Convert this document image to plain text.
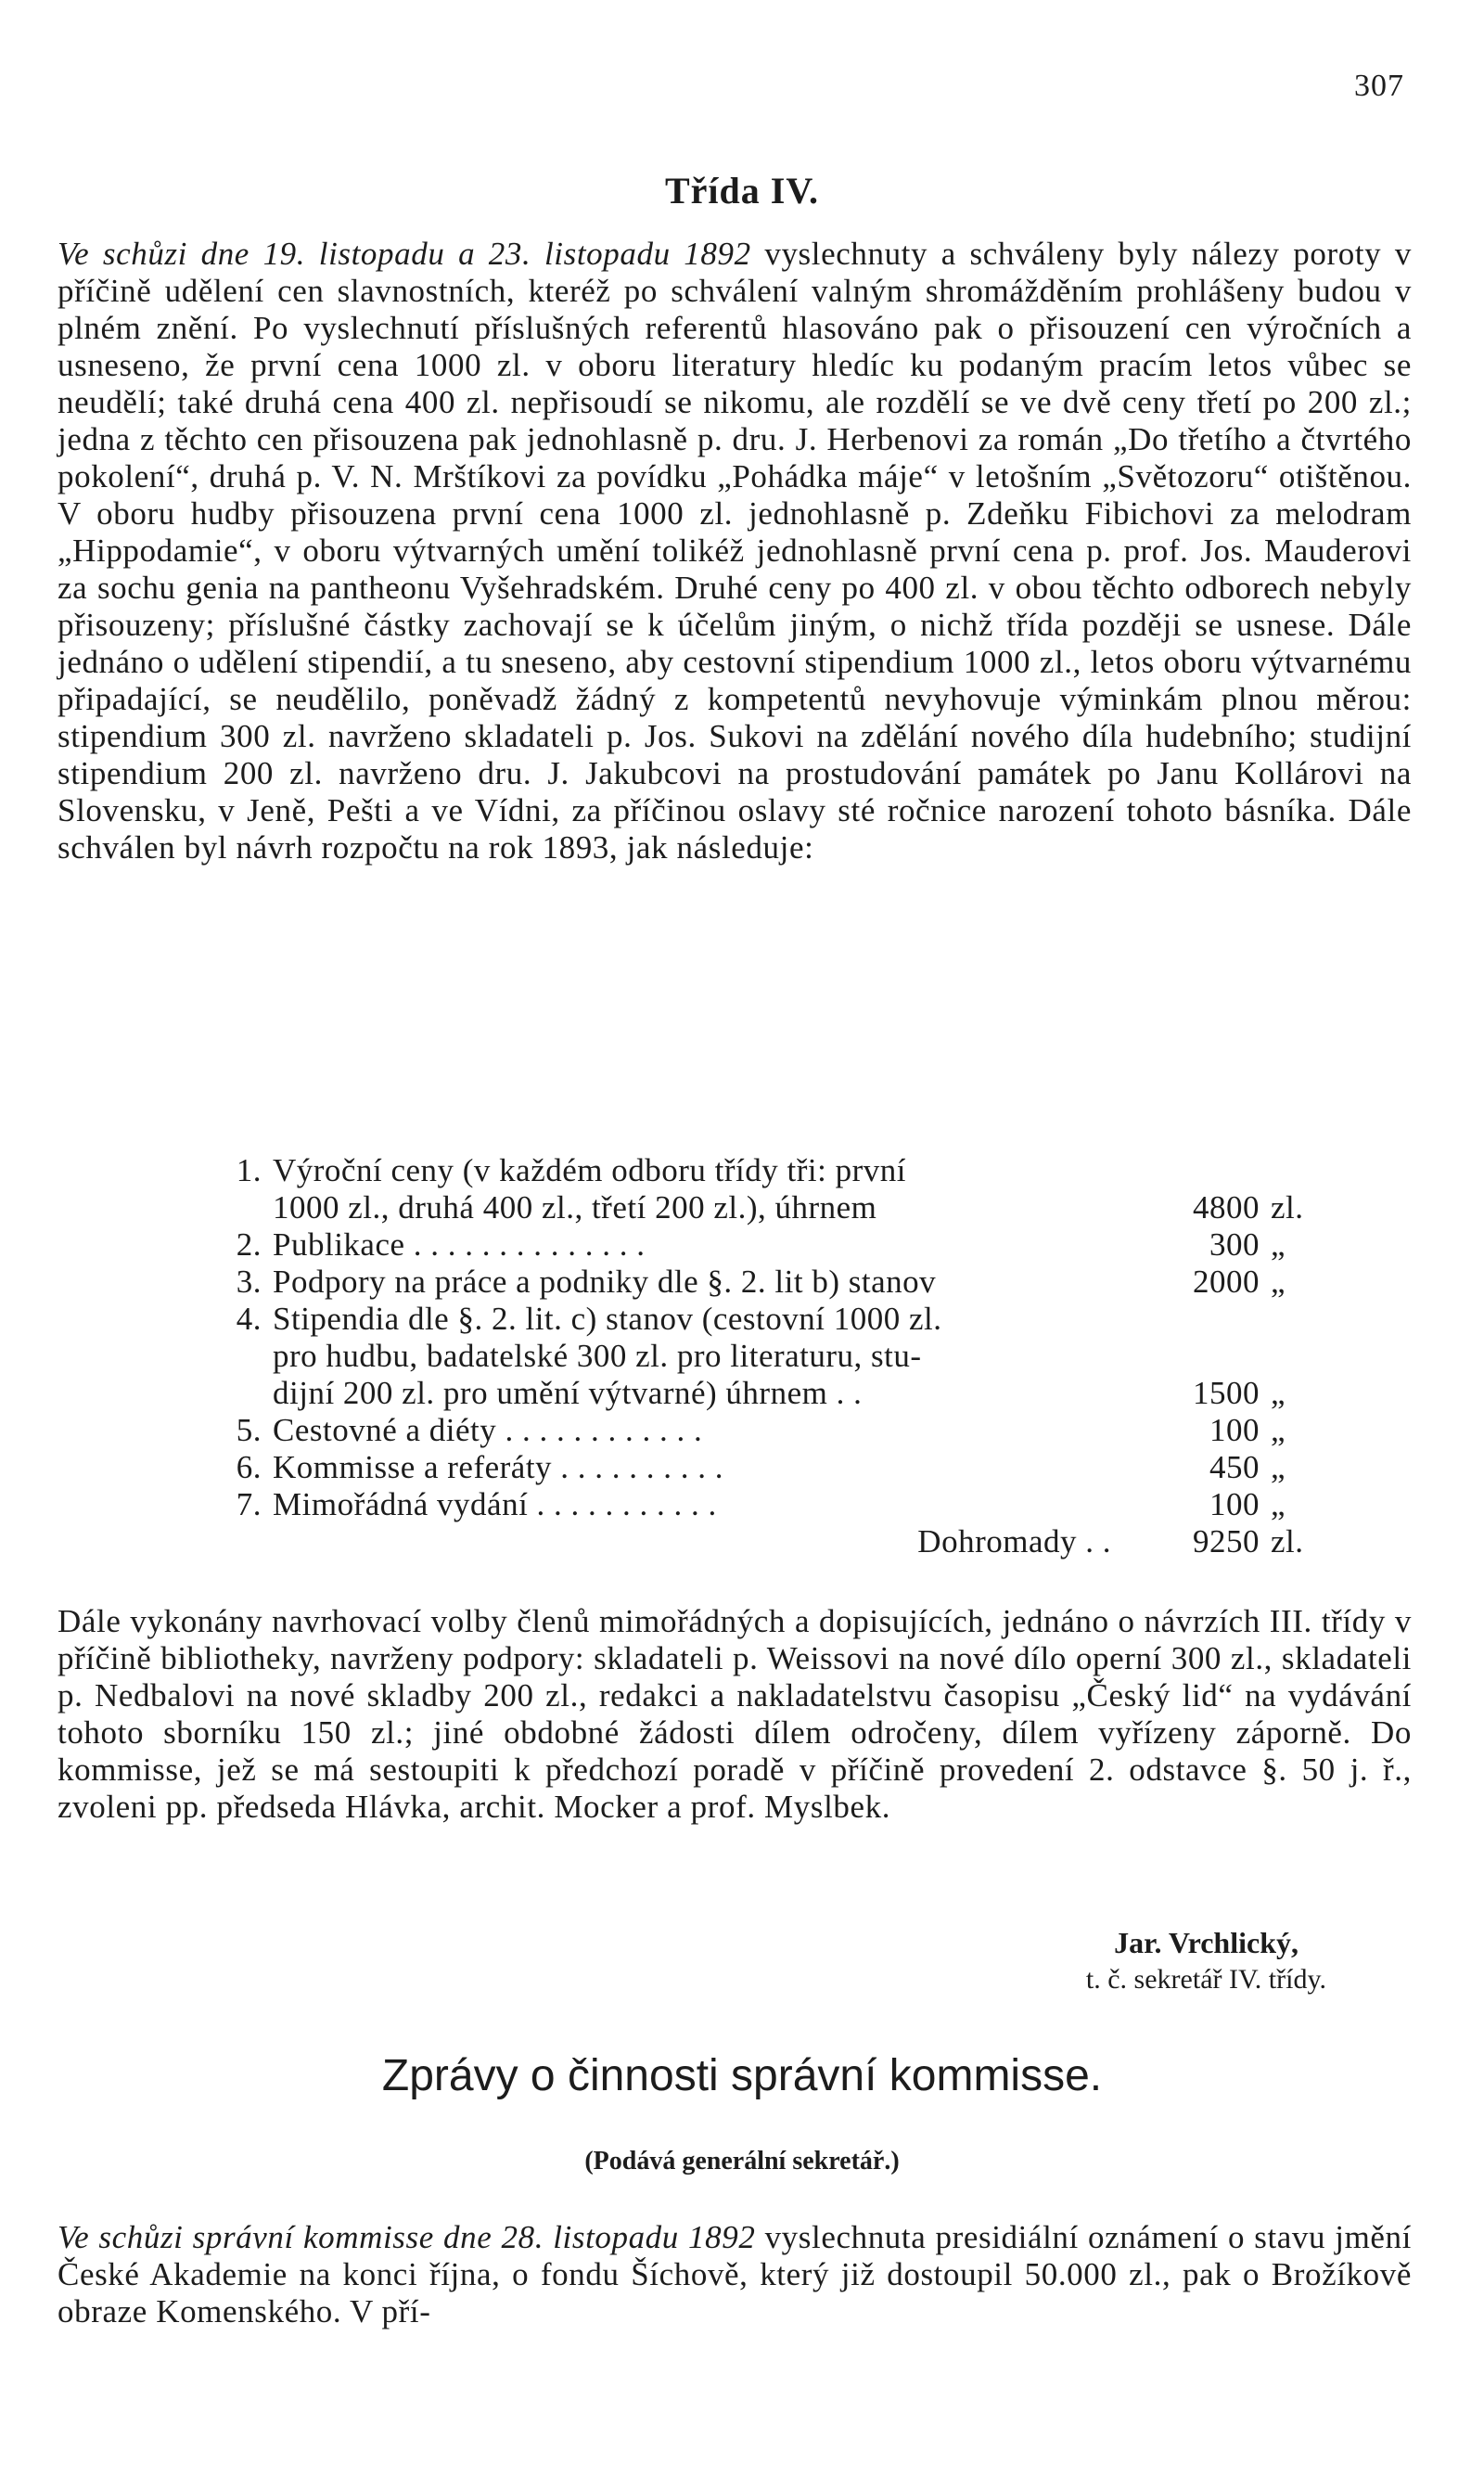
307
Třída IV.
Ve schůzi dne 19. listopadu a 23. listopadu 1892 vyslechnuty a schváleny byly nálezy poroty v příčině udělení cen slavnostních, kteréž po schválení valným shromážděním prohlášeny budou v plném znění. Po vyslechnutí příslušných referentů hlasováno pak o přisouzení cen výročních a usneseno, že první cena 1000 zl. v oboru literatury hledíc ku podaným pracím letos vůbec se neudělí; také druhá cena 400 zl. nepřisoudí se nikomu, ale rozdělí se ve dvě ceny třetí po 200 zl.; jedna z těchto cen přisouzena pak jednohlasně p. dru. J. Herbenovi za román „Do třetího a čtvrtého pokolení“, druhá p. V. N. Mrštíkovi za povídku „Pohádka máje“ v letošním „Světozoru“ otištěnou. V oboru hudby přisouzena první cena 1000 zl. jednohlasně p. Zdeňku Fibichovi za melodram „Hippodamie“, v oboru výtvarných umění tolikéž jednohlasně první cena p. prof. Jos. Mauderovi za sochu genia na pantheonu Vyšehradském. Druhé ceny po 400 zl. v obou těchto odborech nebyly přisouzeny; příslušné částky zachovají se k účelům jiným, o nichž třída později se usnese. Dále jednáno o udělení stipendií, a tu sneseno, aby cestovní stipendium 1000 zl., letos oboru výtvarnému připadající, se neudělilo, poněvadž žádný z kompetentů nevyhovuje výminkám plnou měrou: stipendium 300 zl. navrženo skladateli p. Jos. Sukovi na zdělání nového díla hudebního; studijní stipendium 200 zl. navrženo dru. J. Jakubcovi na prostudování památek po Janu Kollárovi na Slovensku, v Jeně, Pešti a ve Vídni, za příčinou oslavy sté ročnice narození tohoto básníka. Dále schválen byl návrh rozpočtu na rok 1893, jak následuje:
1. Výroční ceny (v každém odboru třídy tři: první
1000 zl., druhá 400 zl., třetí 200 zl.), úhrnem	4800 zl.
2. Publikace . . . . . . . . . . . . . .	300 „
3. Podpory na práce a podniky dle §. 2. lit b) stanov	2000 „
4. Stipendia dle §. 2. lit. c) stanov (cestovní 1000 zl.
pro hudbu, badatelské 300 zl. pro literaturu, stu-
dijní 200 zl. pro umění výtvarné) úhrnem . .	1500 „
5. Cestovné a diéty . . . . . . . . . . . .	100 „
6. Kommisse a referáty . . . . . . . . . .	450 „
7. Mimořádná vydání . . . . . . . . . . .	100 „
Dohromady . .	9250 zl.
Dále vykonány navrhovací volby členů mimořádných a dopisujících, jednáno o návrzích III. třídy v příčině bibliotheky, navrženy podpory: skladateli p. Weissovi na nové dílo operní 300 zl., skladateli p. Nedbalovi na nové skladby 200 zl., redakci a nakladatelstvu časopisu „Český lid“ na vydávání tohoto sborníku 150 zl.; jiné obdobné žádosti dílem odročeny, dílem vyřízeny záporně. Do kommisse, jež se má sestoupiti k předchozí poradě v příčině provedení 2. odstavce §. 50 j. ř., zvoleni pp. předseda Hlávka, archit. Mocker a prof. Myslbek.
Jar. Vrchlický,
t. č. sekretář IV. třídy.
Zprávy o činnosti správní kommisse.
(Podává generální sekretář.)
Ve schůzi správní kommisse dne 28. listopadu 1892 vyslechnuta presidiální oznámení o stavu jmění České Akademie na konci října, o fondu Šíchově, který již dostoupil 50.000 zl., pak o Brožíkově obraze Komenského. V pří-
